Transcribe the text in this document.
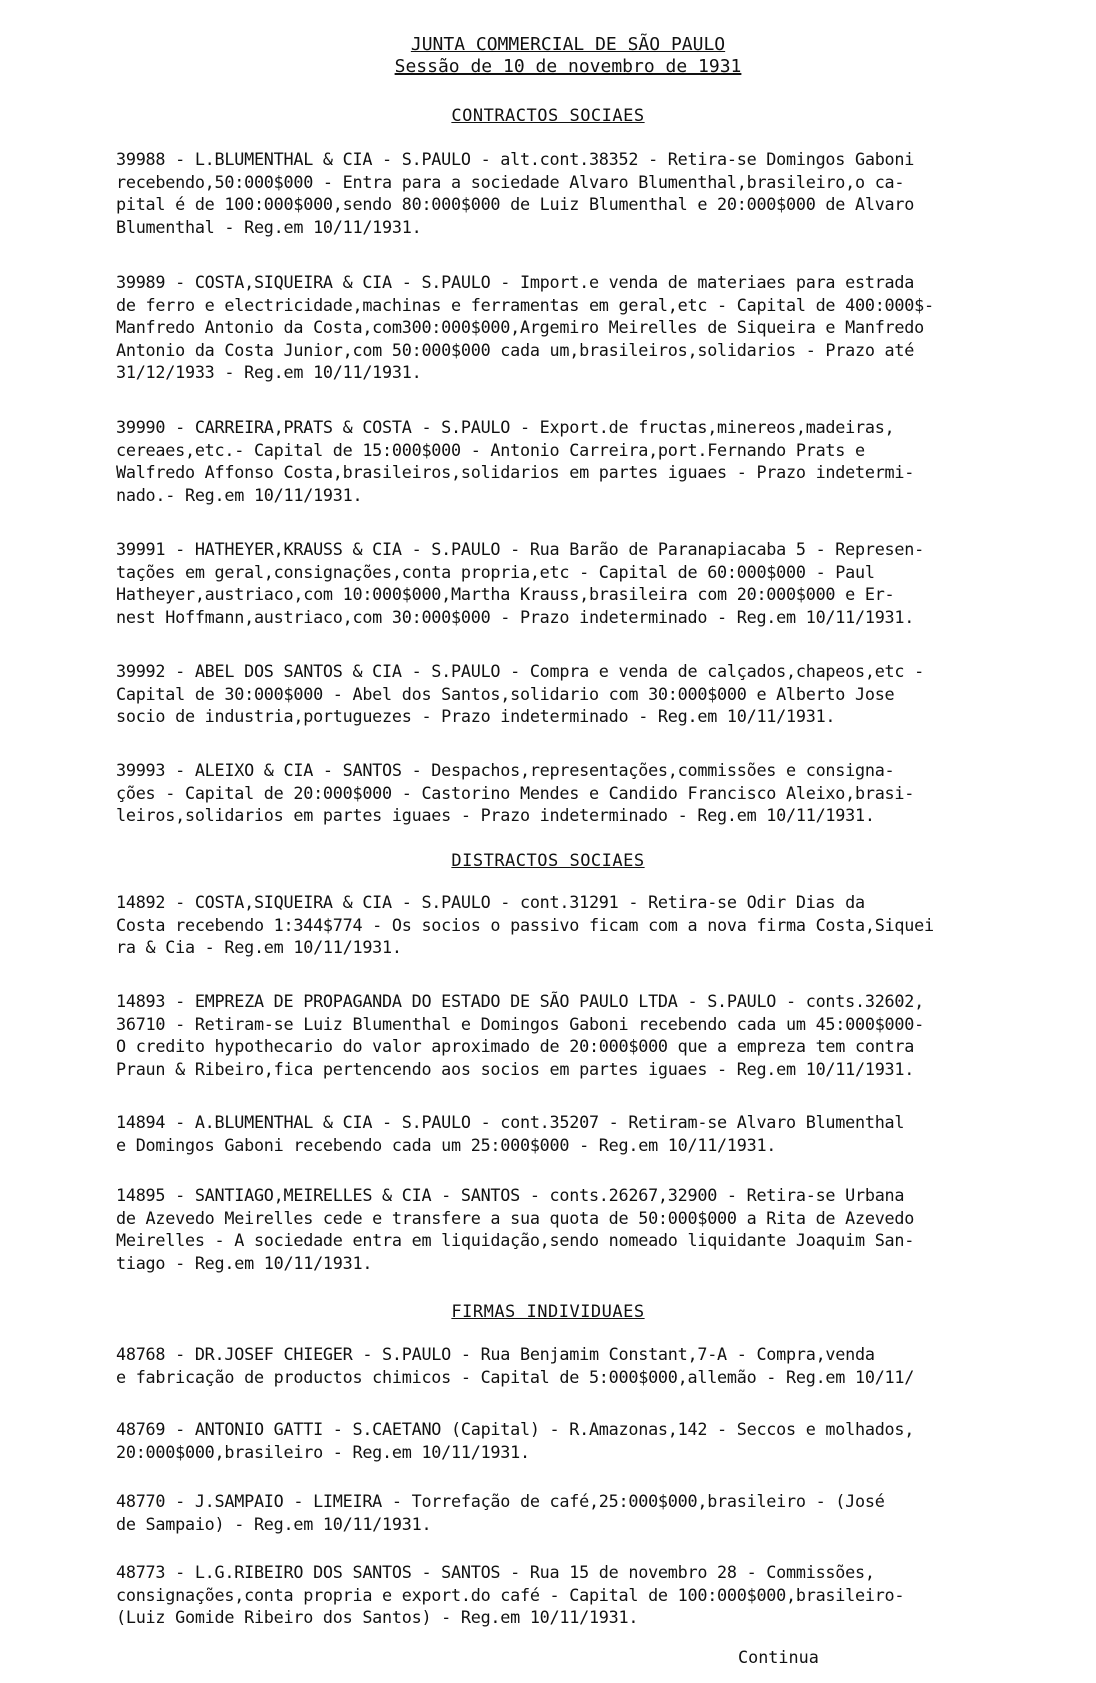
JUNTA COMMERCIAL DE SÃO PAULO
Sessão de 10 de novembro de 1931
CONTRACTOS SOCIAES
39988 - L.BLUMENTHAL & CIA - S.PAULO - alt.cont.38352 - Retira-se Domingos Gaboni
recebendo,50:000$000 - Entra para a sociedade Alvaro Blumenthal,brasileiro,o ca-
pital é de 100:000$000,sendo 80:000$000 de Luiz Blumenthal e 20:000$000 de Alvaro
Blumenthal - Reg.em 10/11/1931.
39989 - COSTA,SIQUEIRA & CIA - S.PAULO - Import.e venda de materiaes para estrada
de ferro e electricidade,machinas e ferramentas em geral,etc - Capital de 400:000$-
Manfredo Antonio da Costa,com300:000$000,Argemiro Meirelles de Siqueira e Manfredo
Antonio da Costa Junior,com 50:000$000 cada um,brasileiros,solidarios - Prazo até
31/12/1933 - Reg.em 10/11/1931.
39990 - CARREIRA,PRATS & COSTA - S.PAULO - Export.de fructas,minereos,madeiras,
cereaes,etc.- Capital de 15:000$000 - Antonio Carreira,port.Fernando Prats e
Walfredo Affonso Costa,brasileiros,solidarios em partes iguaes - Prazo indetermi-
nado.- Reg.em 10/11/1931.
39991 - HATHEYER,KRAUSS & CIA - S.PAULO - Rua Barão de Paranapiacaba 5 - Represen-
tações em geral,consignações,conta propria,etc - Capital de 60:000$000 - Paul
Hatheyer,austriaco,com 10:000$000,Martha Krauss,brasileira com 20:000$000 e Er-
nest Hoffmann,austriaco,com 30:000$000 - Prazo indeterminado - Reg.em 10/11/1931.
39992 - ABEL DOS SANTOS & CIA - S.PAULO - Compra e venda de calçados,chapeos,etc -
Capital de 30:000$000 - Abel dos Santos,solidario com 30:000$000 e Alberto Jose
socio de industria,portuguezes - Prazo indeterminado - Reg.em 10/11/1931.
39993 - ALEIXO & CIA - SANTOS - Despachos,representações,commissões e consigna-
ções - Capital de 20:000$000 - Castorino Mendes e Candido Francisco Aleixo,brasi-
leiros,solidarios em partes iguaes - Prazo indeterminado - Reg.em 10/11/1931.
DISTRACTOS SOCIAES
14892 - COSTA,SIQUEIRA & CIA - S.PAULO - cont.31291 - Retira-se Odir Dias da
Costa recebendo 1:344$774 - Os socios o passivo ficam com a nova firma Costa,Siquei
ra & Cia - Reg.em 10/11/1931.
14893 - EMPREZA DE PROPAGANDA DO ESTADO DE SÃO PAULO LTDA - S.PAULO - conts.32602,
36710 - Retiram-se Luiz Blumenthal e Domingos Gaboni recebendo cada um 45:000$000-
O credito hypothecario do valor aproximado de 20:000$000 que a empreza tem contra
Praun & Ribeiro,fica pertencendo aos socios em partes iguaes - Reg.em 10/11/1931.
14894 - A.BLUMENTHAL & CIA - S.PAULO - cont.35207 - Retiram-se Alvaro Blumenthal
e Domingos Gaboni recebendo cada um 25:000$000 - Reg.em 10/11/1931.
14895 - SANTIAGO,MEIRELLES & CIA - SANTOS - conts.26267,32900 - Retira-se Urbana
de Azevedo Meirelles cede e transfere a sua quota de 50:000$000 a Rita de Azevedo
Meirelles - A sociedade entra em liquidação,sendo nomeado liquidante Joaquim San-
tiago - Reg.em 10/11/1931.
FIRMAS INDIVIDUAES
48768 - DR.JOSEF CHIEGER - S.PAULO - Rua Benjamim Constant,7-A - Compra,venda
e fabricação de productos chimicos - Capital de 5:000$000,allemão - Reg.em 10/11/
48769 - ANTONIO GATTI - S.CAETANO (Capital) - R.Amazonas,142 - Seccos e molhados,
20:000$000,brasileiro - Reg.em 10/11/1931.
48770 - J.SAMPAIO - LIMEIRA - Torrefação de café,25:000$000,brasileiro - (José
de Sampaio) - Reg.em 10/11/1931.
48773 - L.G.RIBEIRO DOS SANTOS - SANTOS - Rua 15 de novembro 28 - Commissões,
consignações,conta propria e export.do café - Capital de 100:000$000,brasileiro-
(Luiz Gomide Ribeiro dos Santos) - Reg.em 10/11/1931.
Continua
